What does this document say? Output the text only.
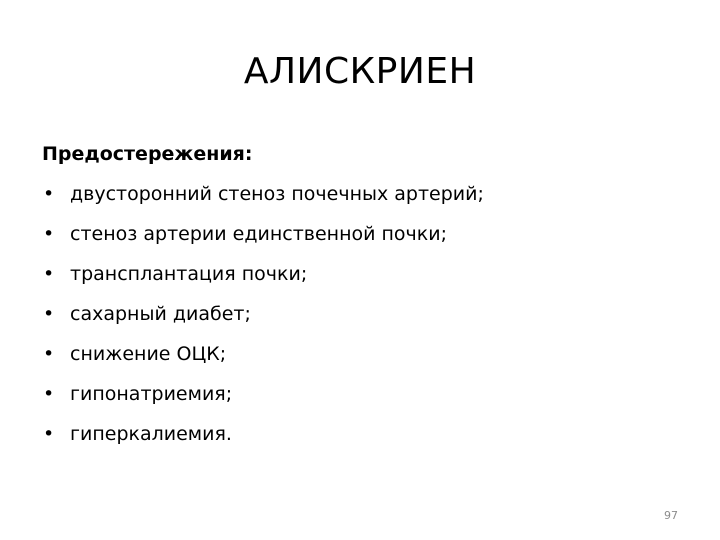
АЛИСКРИЕН
Предостережения:
• двусторонний стеноз почечных артерий;
• стеноз артерии единственной почки;
• трансплантация почки;
• сахарный диабет;
• снижение ОЦК;
• гипонатриемия;
• гиперкалиемия.
97
